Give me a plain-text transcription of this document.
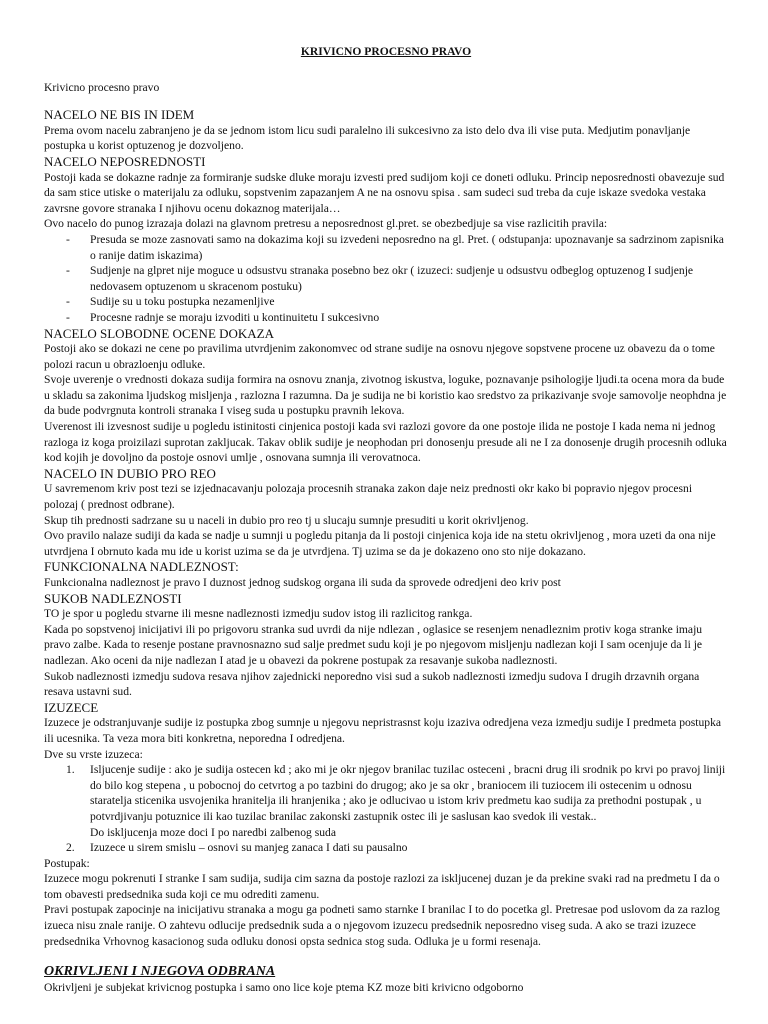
KRIVICNO PROCESNO PRAVO

Krivicno procesno pravo

NACELO NE BIS IN IDEM

Prema ovom nacelu zabranjeno je da se jednom istom licu sudi paralelno ili sukcesivno za isto delo dva ili vise puta. Medjutim ponavljanje postupka u korist optuzenog je dozvoljeno.

NACELO NEPOSREDNOSTI

Postoji kada se dokazne radnje za formiranje sudske dluke moraju izvesti pred sudijom koji ce doneti odluku. Princip neposrednosti obavezuje sud da sam stice utiske o materijalu za odluku, sopstvenim zapazanjem A ne na osnovu spisa . sam sudeci sud treba da cuje iskaze svedoka vestaka zavrsne govore stranaka I njihovu ocenu dokaznog materijala…

Ovo nacelo do punog izrazaja dolazi na glavnom pretresu a neposrednost gl.pret. se obezbedjuje sa vise razlicitih pravila:

- Presuda se moze zasnovati samo na dokazima koji su izvedeni neposredno na gl. Pret. ( odstupanja: upoznavanje sa sadrzinom zapisnika o ranije datim iskazima)
- Sudjenje na glpret nije moguce u odsustvu stranaka posebno bez okr ( izuzeci: sudjenje u odsustvu odbeglog optuzenog I sudjenje nedovasem optuzenom u skracenom postuku)
- Sudije su u toku postupka nezamenljive
- Procesne radnje se moraju izvoditi u kontinuitetu I sukcesivno

NACELO SLOBODNE OCENE DOKAZA

Postoji ako se dokazi ne cene po pravilima utvrdjenim zakonomvec od strane sudije na osnovu njegove sopstvene procene uz obavezu da o tome polozi racun u obrazloenju odluke.

Svoje uverenje o vrednosti dokaza sudija formira na osnovu znanja, zivotnog iskustva, loguke, poznavanje psihologije ljudi.ta ocena mora da bude u skladu sa zakonima ljudskog misljenja , razlozna I razumna. Da je sudija ne bi koristio kao sredstvo za prikazivanje svoje samovolje neophdna je da bude podvrgnuta kontroli stranaka I viseg suda u postupku pravnih lekova.

Uverenost ili izvesnost sudije u pogledu istinitosti cinjenica postoji kada svi razlozi govore da one postoje ilida ne postoje I kada nema ni jednog razloga iz koga proizilazi suprotan zakljucak. Takav oblik sudije je neophodan pri donosenju presude ali ne I za donosenje drugih procesnih odluka kod kojih je dovoljno da postoje osnovi umlje , osnovana sumnja ili verovatnoca.

NACELO IN DUBIO PRO REO

U savremenom kriv post tezi se izjednacavanju polozaja procesnih stranaka zakon daje neiz prednosti okr kako bi popravio njegov procesni polozaj ( prednost odbrane).

Skup tih prednosti sadrzane su u naceli in dubio pro reo tj u slucaju sumnje presuditi u korit okrivljenog.

Ovo pravilo nalaze sudiji da kada se nadje u sumnji u pogledu pitanja da li postoji cinjenica koja ide na stetu okrivljenog , mora uzeti da ona nije utvrdjena I obrnuto kada mu ide u korist uzima se da je utvrdjena. Tj uzima se da je dokazeno ono sto nije dokazano.

FUNKCIONALNA NADLEZNOST:

Funkcionalna nadleznost je pravo I duznost jednog sudskog organa ili suda da sprovede odredjeni deo kriv post

SUKOB NADLEZNOSTI

TO je spor u pogledu stvarne ili mesne nadleznosti izmedju sudov istog ili razlicitog rankga.

Kada po sopstvenoj inicijativi ili po prigovoru stranka sud uvrdi da nije ndlezan , oglasice se resenjem nenadleznim protiv koga stranke imaju pravo zalbe. Kada to resenje postane pravnosnazno sud salje predmet sudu koji je po njegovom misljenju nadlezan koji I sam ocenjuje da li je nadlezan. Ako oceni da nije nadlezan I atad je u obavezi da pokrene postupak za resavanje sukoba nadleznosti.

Sukob nadleznosti izmedju sudova resava njihov zajednicki neporedno visi sud a sukob nadleznosti izmedju sudova I drugih drzavnih organa resava ustavni sud.

IZUZECE

Izuzece je odstranjuvanje sudije iz postupka zbog sumnje u njegovu nepristrasnst koju izaziva odredjena veza izmedju sudije I predmeta postupka ili ucesnika. Ta veza mora biti konkretna, neporedna I odredjena.

Dve su vrste izuzeca:

1. Isljucenje sudije : ako je sudija ostecen kd ; ako mi je okr njegov branilac tuzilac osteceni , bracni drug ili srodnik po krvi po pravoj liniji do bilo kog stepena , u pobocnoj do cetvrtog a po tazbini do drugog; ako je sa okr , braniocem ili tuziocem ili ostecenim u odnosu staratelja sticenika usvojenika hranitelja ili hranjenika ; ako je odlucivao u istom kriv predmetu kao sudija za prethodni postupak , u potvrdjivanju potuznice ili kao tuzilac branilac zakonski zastupnik ostec ili je saslusan kao svedok ili vestak..
Do iskljucenja moze doci I po naredbi zalbenog suda
2. Izuzece u sirem smislu – osnovi su manjeg zanaca I dati su pausalno

Postupak:

Izuzece mogu pokrenuti I stranke I sam sudija, sudija cim sazna da postoje razlozi za iskljucenej duzan je da prekine svaki rad na predmetu I da o tom obavesti predsednika suda koji ce mu odrediti zamenu.

Pravi postupak zapocinje na inicijativu stranaka a mogu ga podneti samo starnke I branilac I to do pocetka gl. Pretresae pod uslovom da za razlog izueca nisu znale ranije. O zahtevu odlucije predsednik suda a o njegovom izuzecu predsednik neposredno viseg suda. A ako se trazi izuzece predsednika Vrhovnog kasacionog suda odluku donosi opsta sednica stog suda. Odluka je u formi resenaja.

OKRIVLJENI I NJEGOVA ODBRANA

Okrivljeni je subjekat krivicnog postupka i samo ono lice koje ptema KZ moze biti krivicno odgoborno
